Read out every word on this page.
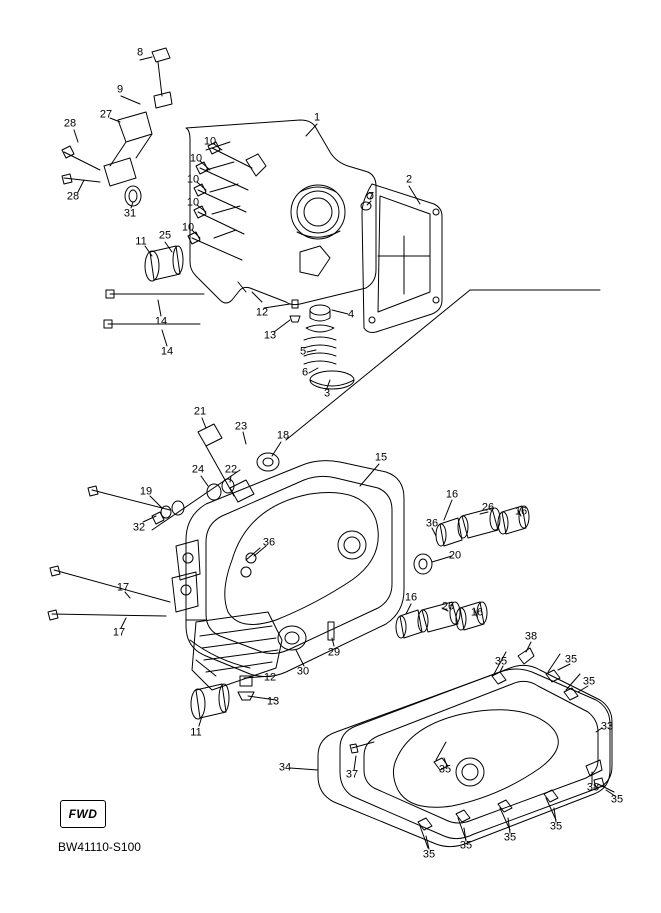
8
9
27
28
28
31
1
10
10
10
10
10
2
7
25
11
14
14
12
13
4
5
6
3
21
23
18
24 22
19
32
15
16
26 16
36
36
20
16
26 16
17
17
30
29
12
13
11
38
35	35
35
33
38
35
35
34
37
35
35
35
35
FWD
BW41110-S100
